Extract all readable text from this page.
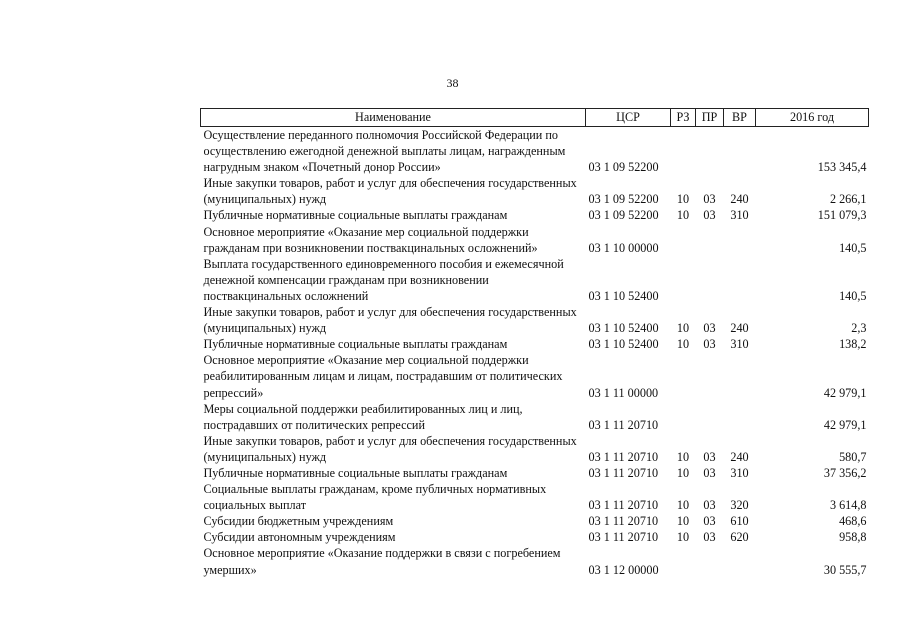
38
Наименование	ЦСР	РЗ	ПР	ВР	2016 год
Осуществление переданного полномочия Российской Федерации по осуществлению ежегодной денежной выплаты лицам, награжденным нагрудным знаком «Почетный донор России»	03 1 09 52200				153 345,4
Иные закупки товаров, работ и услуг для обеспечения государственных (муниципальных) нужд	03 1 09 52200	10	03	240	2 266,1
Публичные нормативные социальные выплаты гражданам	03 1 09 52200	10	03	310	151 079,3
Основное мероприятие «Оказание мер социальной поддержки гражданам при возникновении поствакцинальных осложнений»	03 1 10 00000				140,5
Выплата государственного единовременного пособия и ежемесячной денежной компенсации гражданам при возникновении поствакцинальных осложнений	03 1 10 52400				140,5
Иные закупки товаров, работ и услуг для обеспечения государственных (муниципальных) нужд	03 1 10 52400	10	03	240	2,3
Публичные нормативные социальные выплаты гражданам	03 1 10 52400	10	03	310	138,2
Основное мероприятие «Оказание мер социальной поддержки реабилитированным лицам и лицам, пострадавшим от политических репрессий»	03 1 11 00000				42 979,1
Меры социальной поддержки реабилитированных лиц и лиц, пострадавших от политических репрессий	03 1 11 20710				42 979,1
Иные закупки товаров, работ и услуг для обеспечения государственных (муниципальных) нужд	03 1 11 20710	10	03	240	580,7
Публичные нормативные социальные выплаты гражданам	03 1 11 20710	10	03	310	37 356,2
Социальные выплаты гражданам, кроме публичных нормативных социальных выплат	03 1 11 20710	10	03	320	3 614,8
Субсидии бюджетным учреждениям	03 1 11 20710	10	03	610	468,6
Субсидии автономным учреждениям	03 1 11 20710	10	03	620	958,8
Основное мероприятие «Оказание поддержки в связи с погребением умерших»	03 1 12 00000				30 555,7
